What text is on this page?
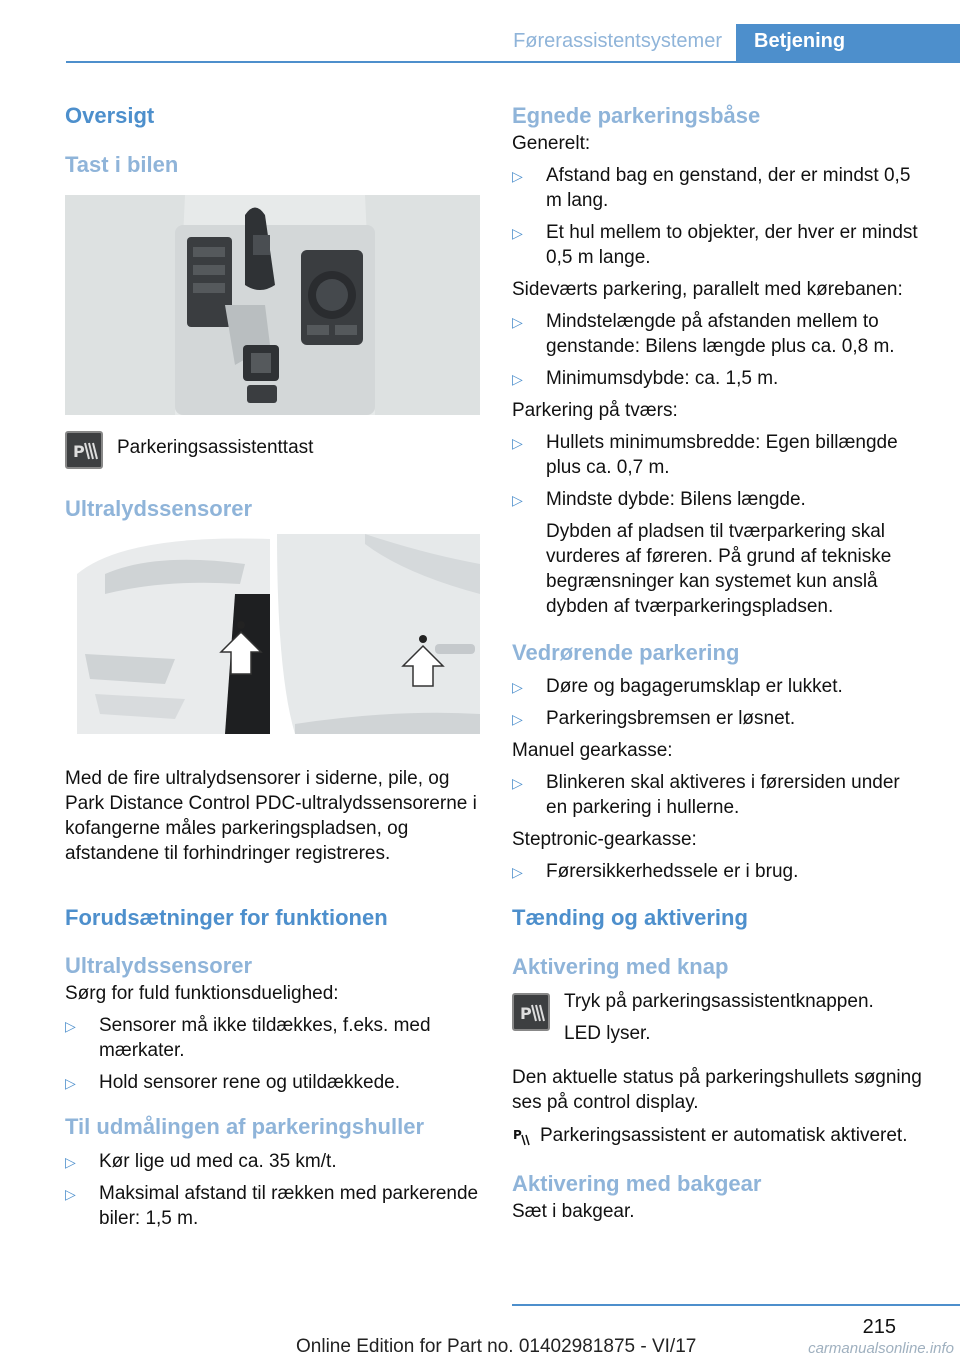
Førerassistentsystemer	Betjening
Oversigt
Tast i bilen
P Parkeringsassistenttast
Ultralydssensorer
Med de fire ultralydsensorer i siderne, pile, og Park Distance Control PDC-ultralydssensorerne i kofangerne måles parkeringspladsen, og afstandene til forhindringer registreres.
Forudsætninger for funktionen
Ultralydssensorer
Sørg for fuld funktionsduelighed:
▷ Sensorer må ikke tildækkes, f.eks. med mærkater.
▷ Hold sensorer rene og utildækkede.
Til udmålingen af parkeringshuller
▷ Kør lige ud med ca. 35 km/t.
▷ Maksimal afstand til rækken med parkerende biler: 1,5 m.
Egnede parkeringsbåse
Generelt:
▷ Afstand bag en genstand, der er mindst 0,5 m lang.
▷ Et hul mellem to objekter, der hver er mindst 0,5 m lange.
Sideværts parkering, parallelt med kørebanen:
▷ Mindstelængde på afstanden mellem to genstande: Bilens længde plus ca. 0,8 m.
▷ Minimumsdybde: ca. 1,5 m.
Parkering på tværs:
▷ Hullets minimumsbredde: Egen billængde plus ca. 0,7 m.
▷ Mindste dybde: Bilens længde.
Dybden af pladsen til tværparkering skal vurderes af føreren. På grund af tekniske begrænsninger kan systemet kun anslå dybden af tværparkeringspladsen.
Vedrørende parkering
▷ Døre og bagagerumsklap er lukket.
▷ Parkeringsbremsen er løsnet.
Manuel gearkasse:
▷ Blinkeren skal aktiveres i førersiden under en parkering i hullerne.
Steptronic-gearkasse:
▷ Førersikkerhedssele er i brug.
Tænding og aktivering
Aktivering med knap
P
Tryk på parkeringsassistentknappen.
LED lyser.
Den aktuelle status på parkeringshullets søgning ses på control display.
P Parkeringsassistent er automatisk aktiveret.
Aktivering med bakgear
Sæt i bakgear.
215
Online Edition for Part no. 01402981875 - VI/17	carmanualsonline.info
